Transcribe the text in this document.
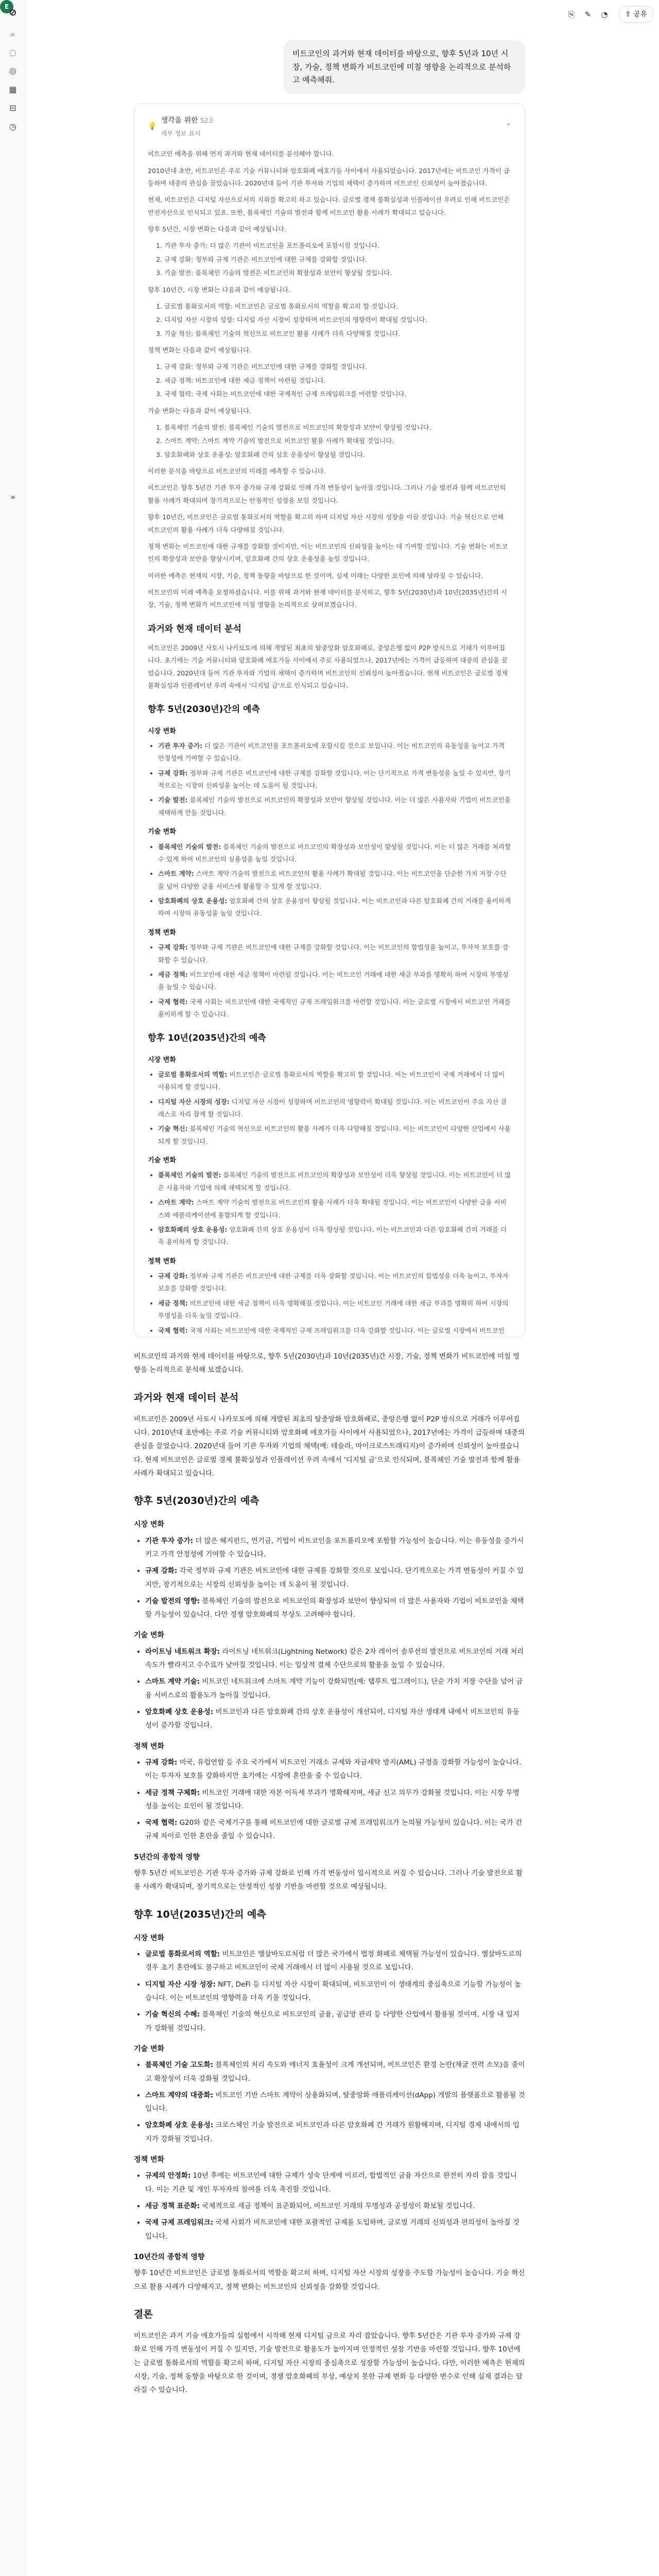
⊘
⌕
◌
◎
▦
⊟
◷
E
»
⎘ ✎ ◔	⇧ 공유
비트코인의 과거와 현재 데이터를 바탕으로, 향후 5년과 10년 시장, 가술, 정책 변화가 비트코인에 미칠 영향을 논리적으로 분석하고 예측해줘.
💡
생각을 위한 52초
세부 정보 표시
⌃

비트코인 예측을 위해 먼저 과거와 현재 데이터를 분석해야 합니다.

2010년대 초반, 비트코인은 주로 기술 커뮤니티와 암호화폐 애호가들 사이에서 사용되었습니다. 2017년에는 비트코인 가격이 급등하며 대중의 관심을 끌었습니다. 2020년대 들어 기관 투자와 기업의 채택이 증가하며 비트코인 신뢰성이 높아졌습니다.

현재, 비트코인은 디지털 자산으로서의 지위를 확고히 하고 있습니다. 글로벌 경제 불확실성과 인플레이션 우려로 인해 비트코인은 안전자산으로 인식되고 있죠. 또한, 블록체인 기술의 발전과 함께 비트코인 활용 사례가 확대되고 있습니다.

향후 5년간, 시장 변화는 다음과 같이 예상됩니다.

1. 기관 투자 증가: 더 많은 기관이 비트코인을 포트폴리오에 포함시킬 것입니다.
2. 규제 강화: 정부와 규제 기관은 비트코인에 대한 규제를 강화할 것입니다.
3. 기술 발전: 블록체인 기술의 발전은 비트코인의 확장성과 보안이 향상될 것입니다.

향후 10년간, 시장 변화는 다음과 같이 예상됩니다.

1. 글로벌 통화로서의 역할: 비트코인은 글로벌 통화로서의 역할을 확고히 할 것입니다.
2. 디지털 자산 시장의 성장: 디지털 자산 시장이 성장하며 비트코인의 영향력이 확대될 것입니다.
3. 기술 혁신: 블록체인 기술의 혁신으로 비트코인 활용 사례가 더욱 다양해질 것입니다.

정책 변화는 다음과 같이 예상됩니다.

1. 규제 강화: 정부와 규제 기관은 비트코인에 대한 규제를 강화할 것입니다.
2. 세금 정책: 비트코인에 대한 세금 정책이 마련될 것입니다.
3. 국제 협력: 국제 사회는 비트코인에 대한 국제적인 규제 프레임워크를 마련할 것입니다.

기술 변화는 다음과 같이 예상됩니다.

1. 블록체인 기술의 발전: 블록체인 기술의 발전으로 비트코인의 확장성과 보안이 향상될 것입니다.
2. 스마트 계약: 스마트 계약 기술의 발전으로 비트코인 활용 사례가 확대될 것입니다.
3. 암호화폐와 상호 운용성: 암호화폐 간의 상호 운용성이 향상될 것입니다.

이러한 분석을 바탕으로 비트코인의 미래를 예측할 수 있습니다.

비트코인은 향후 5년간 기관 투자 증가와 규제 강화로 인해 가격 변동성이 높아질 것입니다. 그러나 기술 발전과 함께 비트코인의 활용 사례가 확대되며 장기적으로는 안정적인 성장을 보일 것입니다.

향후 10년간, 비트코인은 글로벌 통화로서의 역할을 확고히 하며 디지털 자산 시장의 성장을 이끌 것입니다. 기술 혁신으로 인해 비트코인의 활용 사례가 더욱 다양해질 것입니다.

정책 변화는 비트코인에 대한 규제를 강화할 것이지만, 이는 비트코인의 신뢰성을 높이는 데 기여할 것입니다. 기술 변화는 비트코인의 확장성과 보안을 향상시키며, 암호화폐 간의 상호 운용성을 높일 것입니다.

이러한 예측은 현재의 시장, 기술, 정책 동향을 바탕으로 한 것이며, 실제 미래는 다양한 요인에 의해 달라질 수 있습니다.

비트코인의 미래 예측을 요청하셨습니다. 이를 위해 과거와 현재 데이터를 분석하고, 향후 5년(2030년)과 10년(2035년)간의 시장, 기술, 정책 변화가 비트코인에 미칠 영향을 논리적으로 살펴보겠습니다.

과거와 현재 데이터 분석

비트코인은 2009년 사토시 나카모토에 의해 개발된 최초의 탈중앙화 암호화폐로, 중앙은행 없이 P2P 방식으로 거래가 이루어집니다. 초기에는 기술 커뮤니티와 암호화폐 애호가들 사이에서 주로 사용되었으나, 2017년에는 가격이 급등하며 대중의 관심을 끌었습니다. 2020년대 들어 기관 투자와 기업의 채택이 증가하며 비트코인의 신뢰성이 높아졌습니다. 현재 비트코인은 글로벌 경제 불확실성과 인플레이션 우려 속에서 '디지털 금'으로 인식되고 있습니다.

향후 5년(2030년)간의 예측
시장 변화
• 기관 투자 증가: 더 많은 기관이 비트코인을 포트폴리오에 포함시킬 것으로 보입니다. 이는 비트코인의 유동성을 높이고 가격 안정성에 기여할 수 있습니다.
• 규제 강화: 정부와 규제 기관은 비트코인에 대한 규제를 강화할 것입니다. 이는 단기적으로 가격 변동성을 높일 수 있지만, 장기적으로는 시장의 신뢰성을 높이는 데 도움이 될 것입니다.
• 기술 발전: 블록체인 기술의 발전으로 비트코인의 확장성과 보안이 향상될 것입니다. 이는 더 많은 사용자와 기업이 비트코인을 채택하게 만들 것입니다.
기술 변화
• 블록체인 기술의 발전: 블록체인 기술의 발전으로 비트코인의 확장성과 보안성이 향상될 것입니다. 이는 더 많은 거래를 처리할 수 있게 하여 비트코인의 실용성을 높일 것입니다.
• 스마트 계약: 스마트 계약 기술의 발전으로 비트코인의 활용 사례가 확대될 것입니다. 이는 비트코인을 단순한 가치 저장 수단을 넘어 다양한 금융 서비스에 활용할 수 있게 할 것입니다.
• 암호화폐의 상호 운용성: 암호화폐 간의 상호 운용성이 향상될 것입니다. 이는 비트코인과 다른 암호화폐 간의 거래를 용이하게 하여 시장의 유동성을 높일 것입니다.
정책 변화
• 규제 강화: 정부와 규제 기관은 비트코인에 대한 규제를 강화할 것입니다. 이는 비트코인의 합법성을 높이고, 투자자 보호를 강화할 수 있습니다.
• 세금 정책: 비트코인에 대한 세금 정책이 마련될 것입니다. 이는 비트코인 거래에 대한 세금 부과를 명확히 하여 시장의 투명성을 높일 수 있습니다.
• 국제 협력: 국제 사회는 비트코인에 대한 국제적인 규제 프레임워크를 마련할 것입니다. 이는 글로벌 시장에서 비트코인 거래를 용이하게 할 수 있습니다.
향후 10년(2035년)간의 예측
시장 변화
• 글로벌 통화로서의 역할: 비트코인은 글로벌 통화로서의 역할을 확고히 할 것입니다. 이는 비트코인이 국제 거래에서 더 많이 사용되게 할 것입니다.
• 디지털 자산 시장의 성장: 디지털 자산 시장이 성장하며 비트코인의 영향력이 확대될 것입니다. 이는 비트코인이 주요 자산 클래스로 자리 잡게 할 것입니다.
• 기술 혁신: 블록체인 기술의 혁신으로 비트코인의 활용 사례가 더욱 다양해질 것입니다. 이는 비트코인이 다양한 산업에서 사용되게 할 것입니다.
기술 변화
• 블록체인 기술의 발전: 블록체인 기술의 발전으로 비트코인의 확장성과 보안성이 더욱 향상될 것입니다. 이는 비트코인이 더 많은 사용자와 기업에 의해 채택되게 할 것입니다.
• 스마트 계약: 스마트 계약 기술의 발전으로 비트코인의 활용 사례가 더욱 확대될 것입니다. 이는 비트코인이 다양한 금융 서비스와 애플리케이션에 통합되게 할 것입니다.
• 암호화폐의 상호 운용성: 암호화폐 간의 상호 운용성이 더욱 향상될 것입니다. 이는 비트코인과 다른 암호화폐 간의 거래를 더욱 용이하게 할 것입니다.
정책 변화
• 규제 강화: 정부와 규제 기관은 비트코인에 대한 규제를 더욱 강화할 것입니다. 이는 비트코인의 합법성을 더욱 높이고, 투자자 보호를 강화할 것입니다.
• 세금 정책: 비트코인에 대한 세금 정책이 더욱 명확해질 것입니다. 이는 비트코인 거래에 대한 세금 부과를 명확히 하여 시장의 투명성을 더욱 높일 것입니다.
• 국제 협력: 국제 사회는 비트코인에 대한 국제적인 규제 프레임워크를 더욱 강화할 것입니다. 이는 글로벌 시장에서 비트코인

비트코인의 과거와 현재 데이터를 바탕으로, 향후 5년(2030년)과 10년(2035년)간 시장, 기술, 정책 변화가 비트코인에 미칠 영향을 논리적으로 분석해 보겠습니다.

과거와 현재 데이터 분석

비트코인은 2009년 사토시 나카모토에 의해 개발된 최초의 탈중앙화 암호화폐로, 중앙은행 없이 P2P 방식으로 거래가 이루어집니다. 2010년대 초반에는 주로 기술 커뮤니티와 암호화폐 애호가들 사이에서 사용되었으나, 2017년에는 가격이 급등하며 대중의 관심을 끌었습니다. 2020년대 들어 기관 투자와 기업의 채택(예: 테슬라, 마이크로스트래티지)이 증가하며 신뢰성이 높아졌습니다. 현재 비트코인은 글로벌 경제 불확실성과 인플레이션 우려 속에서 '디지털 금'으로 인식되며, 블록체인 기술 발전과 함께 활용 사례가 확대되고 있습니다.

향후 5년(2030년)간의 예측
시장 변화
• 기관 투자 증가: 더 많은 헤지펀드, 연기금, 기업이 비트코인을 포트폴리오에 포함할 가능성이 높습니다. 이는 유동성을 증가시키고 가격 안정성에 기여할 수 있습니다.
• 규제 강화: 각국 정부와 규제 기관은 비트코인에 대한 규제를 강화할 것으로 보입니다. 단기적으로는 가격 변동성이 커질 수 있지만, 장기적으로는 시장의 신뢰성을 높이는 데 도움이 될 것입니다.
• 기술 발전의 영향: 블록체인 기술의 발전으로 비트코인의 확장성과 보안이 향상되어 더 많은 사용자와 기업이 비트코인을 채택할 가능성이 있습니다. 다만 경쟁 암호화폐의 부상도 고려해야 합니다.
기술 변화
• 라이트닝 네트워크 확장: 라이트닝 네트워크(Lightning Network) 같은 2차 레이어 솔루션의 발전으로 비트코인의 거래 처리 속도가 빨라지고 수수료가 낮아질 것입니다. 이는 일상적 결제 수단으로의 활용을 높일 수 있습니다.
• 스마트 계약 기술: 비트코인 네트워크에 스마트 계약 기능이 강화되면(예: 탭루트 업그레이드), 단순 가치 저장 수단을 넘어 금융 서비스로의 활용도가 높아질 것입니다.
• 암호화폐 상호 운용성: 비트코인과 다른 암호화폐 간의 상호 운용성이 개선되어, 디지털 자산 생태계 내에서 비트코인의 유동성이 증가할 것입니다.
정책 변화
• 규제 강화: 미국, 유럽연합 등 주요 국가에서 비트코인 거래소 규제와 자금세탁 방지(AML) 규정을 강화할 가능성이 높습니다. 이는 투자자 보호를 강화하지만 초기에는 시장에 혼란을 줄 수 있습니다.
• 세금 정책 구체화: 비트코인 거래에 대한 자본 이득세 부과가 명확해지며, 세금 신고 의무가 강화될 것입니다. 이는 시장 투명성을 높이는 요인이 될 것입니다.
• 국제 협력: G20와 같은 국제기구를 통해 비트코인에 대한 글로벌 규제 프레임워크가 논의될 가능성이 있습니다. 이는 국가 간 규제 차이로 인한 혼란을 줄일 수 있습니다.
5년간의 종합적 영향

향후 5년간 비트코인은 기관 투자 증가와 규제 강화로 인해 가격 변동성이 일시적으로 커질 수 있습니다. 그러나 기술 발전으로 활용 사례가 확대되며, 장기적으로는 안정적인 성장 기반을 마련할 것으로 예상됩니다.

향후 10년(2035년)간의 예측
시장 변화
• 글로벌 통화로서의 역할: 비트코인은 엘살바도르처럼 더 많은 국가에서 법정 화폐로 채택될 가능성이 있습니다. 엘살바도르의 경우 초기 혼란에도 불구하고 비트코인이 국제 거래에서 더 많이 사용될 것으로 보입니다.
• 디지털 자산 시장 성장: NFT, DeFi 등 디지털 자산 시장이 확대되며, 비트코인이 이 생태계의 중심축으로 기능할 가능성이 높습니다. 이는 비트코인의 영향력을 더욱 키울 것입니다.
• 기술 혁신의 수혜: 블록체인 기술의 혁신으로 비트코인의 금융, 공급망 관리 등 다양한 산업에서 활용될 것이며, 시장 내 입지가 강화될 것입니다.
기술 변화
• 블록체인 기술 고도화: 블록체인의 처리 속도와 에너지 효율성이 크게 개선되며, 비트코인은 환경 논란(채굴 전력 소모)을 줄이고 확장성이 더욱 강화될 것입니다.
• 스마트 계약의 대중화: 비트코인 기반 스마트 계약이 상용화되며, 탈중앙화 애플리케이션(dApp) 개발의 플랫폼으로 활용될 것입니다.
• 암호화폐 상호 운용성: 크로스체인 기술 발전으로 비트코인과 다른 암호화폐 간 거래가 원활해지며, 디지털 경제 내에서의 입지가 강화될 것입니다.
정책 변화
• 규제의 안정화: 10년 후에는 비트코인에 대한 규제가 성숙 단계에 이르러, 합법적인 금융 자산으로 완전히 자리 잡을 것입니다. 이는 기관 및 개인 투자자의 참여를 더욱 촉진할 것입니다.
• 세금 정책 표준화: 국제적으로 세금 정책이 표준화되어, 비트코인 거래의 투명성과 공정성이 확보될 것입니다.
• 국제 규제 프레임워크: 국제 사회가 비트코인에 대한 포괄적인 규제를 도입하며, 글로벌 거래의 신뢰성과 편의성이 높아질 것입니다.
10년간의 종합적 영향

향후 10년간 비트코인은 글로벌 통화로서의 역할을 확고히 하며, 디지털 자산 시장의 성장을 주도할 가능성이 높습니다. 기술 혁신으로 활용 사례가 다양해지고, 정책 변화는 비트코인의 신뢰성을 강화할 것입니다.

결론

비트코인은 과거 기술 애호가들의 실험에서 시작해 현재 디지털 금으로 자리 잡았습니다. 향후 5년간은 기관 투자 증가와 규제 강화로 인해 가격 변동성이 커질 수 있지만, 기술 발전으로 활용도가 높아지며 안정적인 성장 기반을 마련할 것입니다. 향후 10년에는 글로벌 통화로서의 역할을 확고히 하며, 디지털 자산 시장의 중심축으로 성장할 가능성이 높습니다. 다만, 이러한 예측은 현재의 시장, 기술, 정책 동향을 바탕으로 한 것이며, 경쟁 암호화폐의 부상, 예상치 못한 규제 변화 등 다양한 변수로 인해 실제 결과는 달라질 수 있습니다.
